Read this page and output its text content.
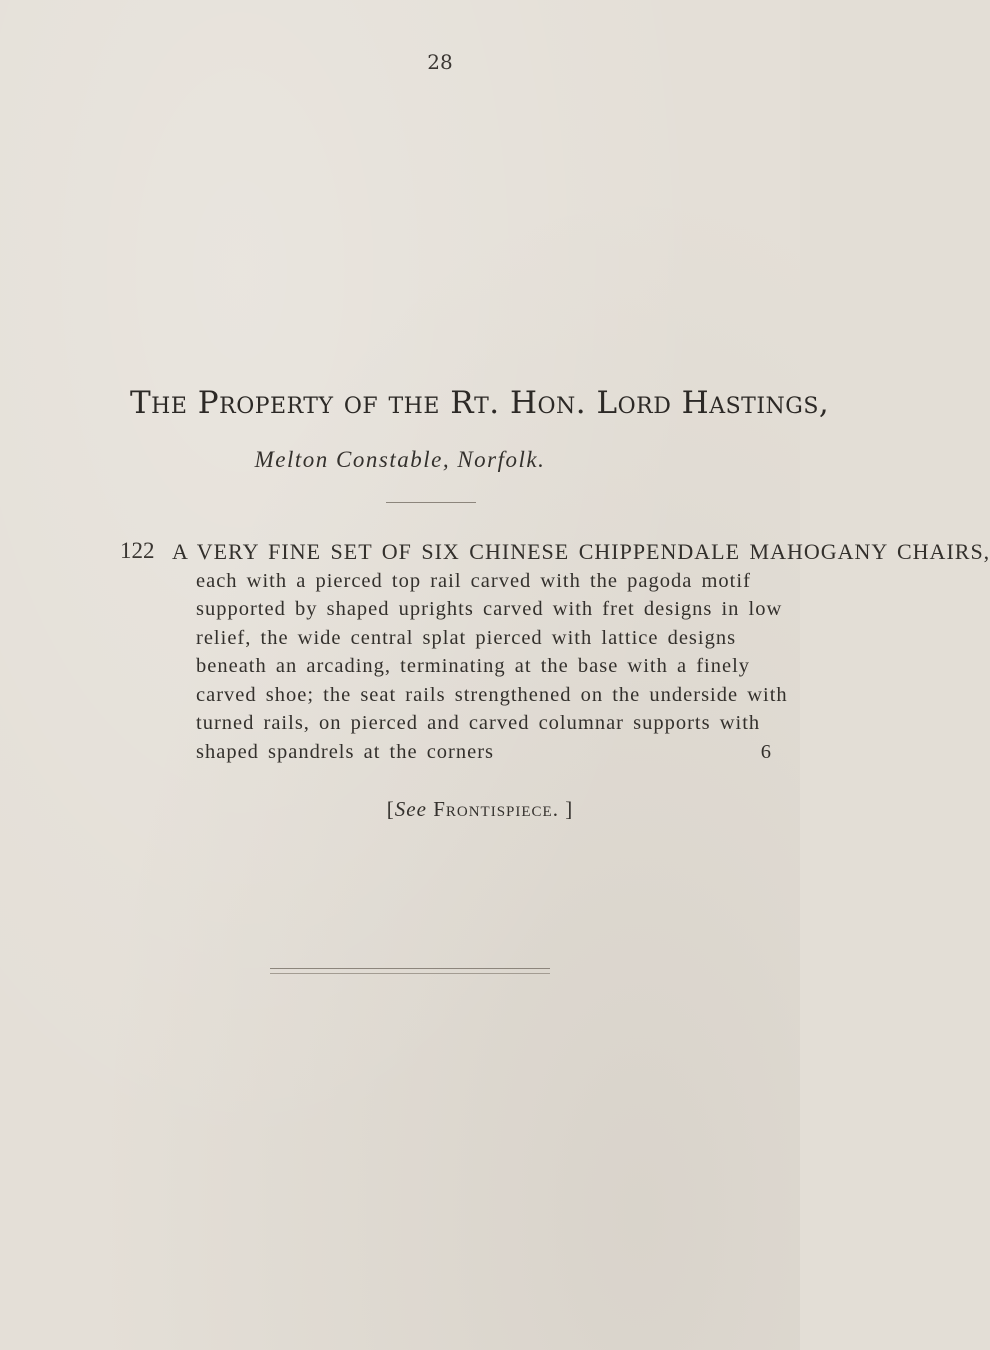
28
The Property of the Rt. Hon. Lord Hastings,
Melton Constable, Norfolk.
122 A VERY FINE SET OF SIX CHINESE CHIPPENDALE MAHOGANY CHAIRS,
each with a pierced top rail carved with the pagoda motif
supported by shaped uprights carved with fret designs in low
relief, the wide central splat pierced with lattice designs
beneath an arcading, terminating at the base with a finely
carved shoe; the seat rails strengthened on the underside with
turned rails, on pierced and carved columnar supports with
shaped spandrels at the corners	6
[See Frontispiece. ]
